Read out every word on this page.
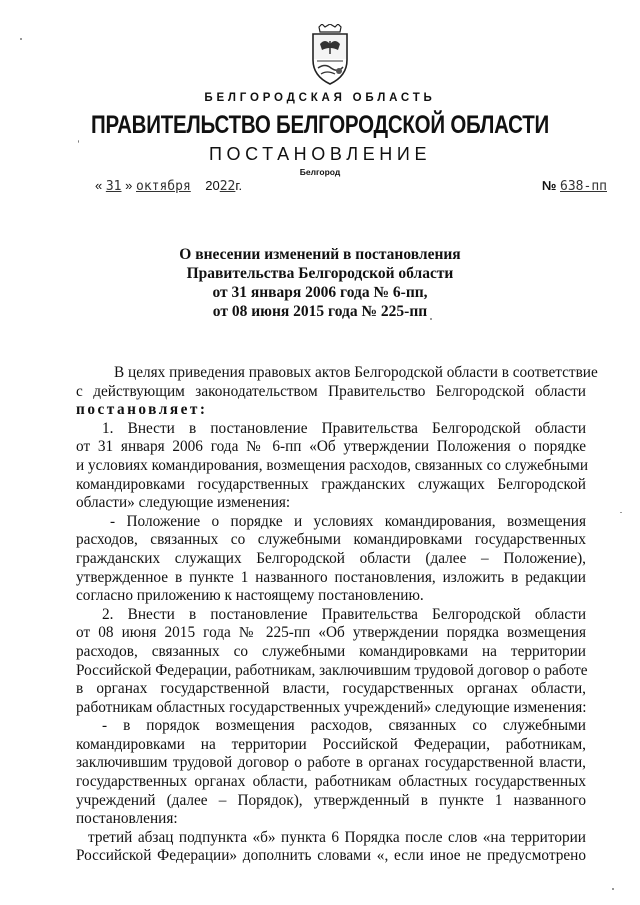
БЕЛГОРОДСКАЯ ОБЛАСТЬ
ПРАВИТЕЛЬСТВО БЕЛГОРОДСКОЙ ОБЛАСТИ
ПОСТАНОВЛЕНИЕ
Белгород
« 31 » октября 2022г.	№ 638-пп
О внесении изменений в постановления
Правительства Белгородской области
от 31 января 2006 года № 6-пп,
от 08 июня 2015 года № 225-пп
В целях приведения правовых актов Белгородской области в соответствие
с действующим законодательством Правительство Белгородской области
постановляет:
1. Внести в постановление Правительства Белгородской области
от 31 января 2006 года № 6-пп «Об утверждении Положения о порядке
и условиях командирования, возмещения расходов, связанных со служебными
командировками государственных гражданских служащих Белгородской
области» следующие изменения:
- Положение о порядке и условиях командирования, возмещения
расходов, связанных со служебными командировками государственных
гражданских служащих Белгородской области (далее – Положение),
утвержденное в пункте 1 названного постановления, изложить в редакции
согласно приложению к настоящему постановлению.
2. Внести в постановление Правительства Белгородской области
от 08 июня 2015 года № 225-пп «Об утверждении порядка возмещения
расходов, связанных со служебными командировками на территории
Российской Федерации, работникам, заключившим трудовой договор о работе
в органах государственной власти, государственных органах области,
работникам областных государственных учреждений» следующие изменения:
- в порядок возмещения расходов, связанных со служебными
командировками на территории Российской Федерации, работникам,
заключившим трудовой договор о работе в органах государственной власти,
государственных органах области, работникам областных государственных
учреждений (далее – Порядок), утвержденный в пункте 1 названного
постановления:
третий абзац подпункта «б» пункта 6 Порядка после слов «на территории
Российской Федерации» дополнить словами «, если иное не предусмотрено
